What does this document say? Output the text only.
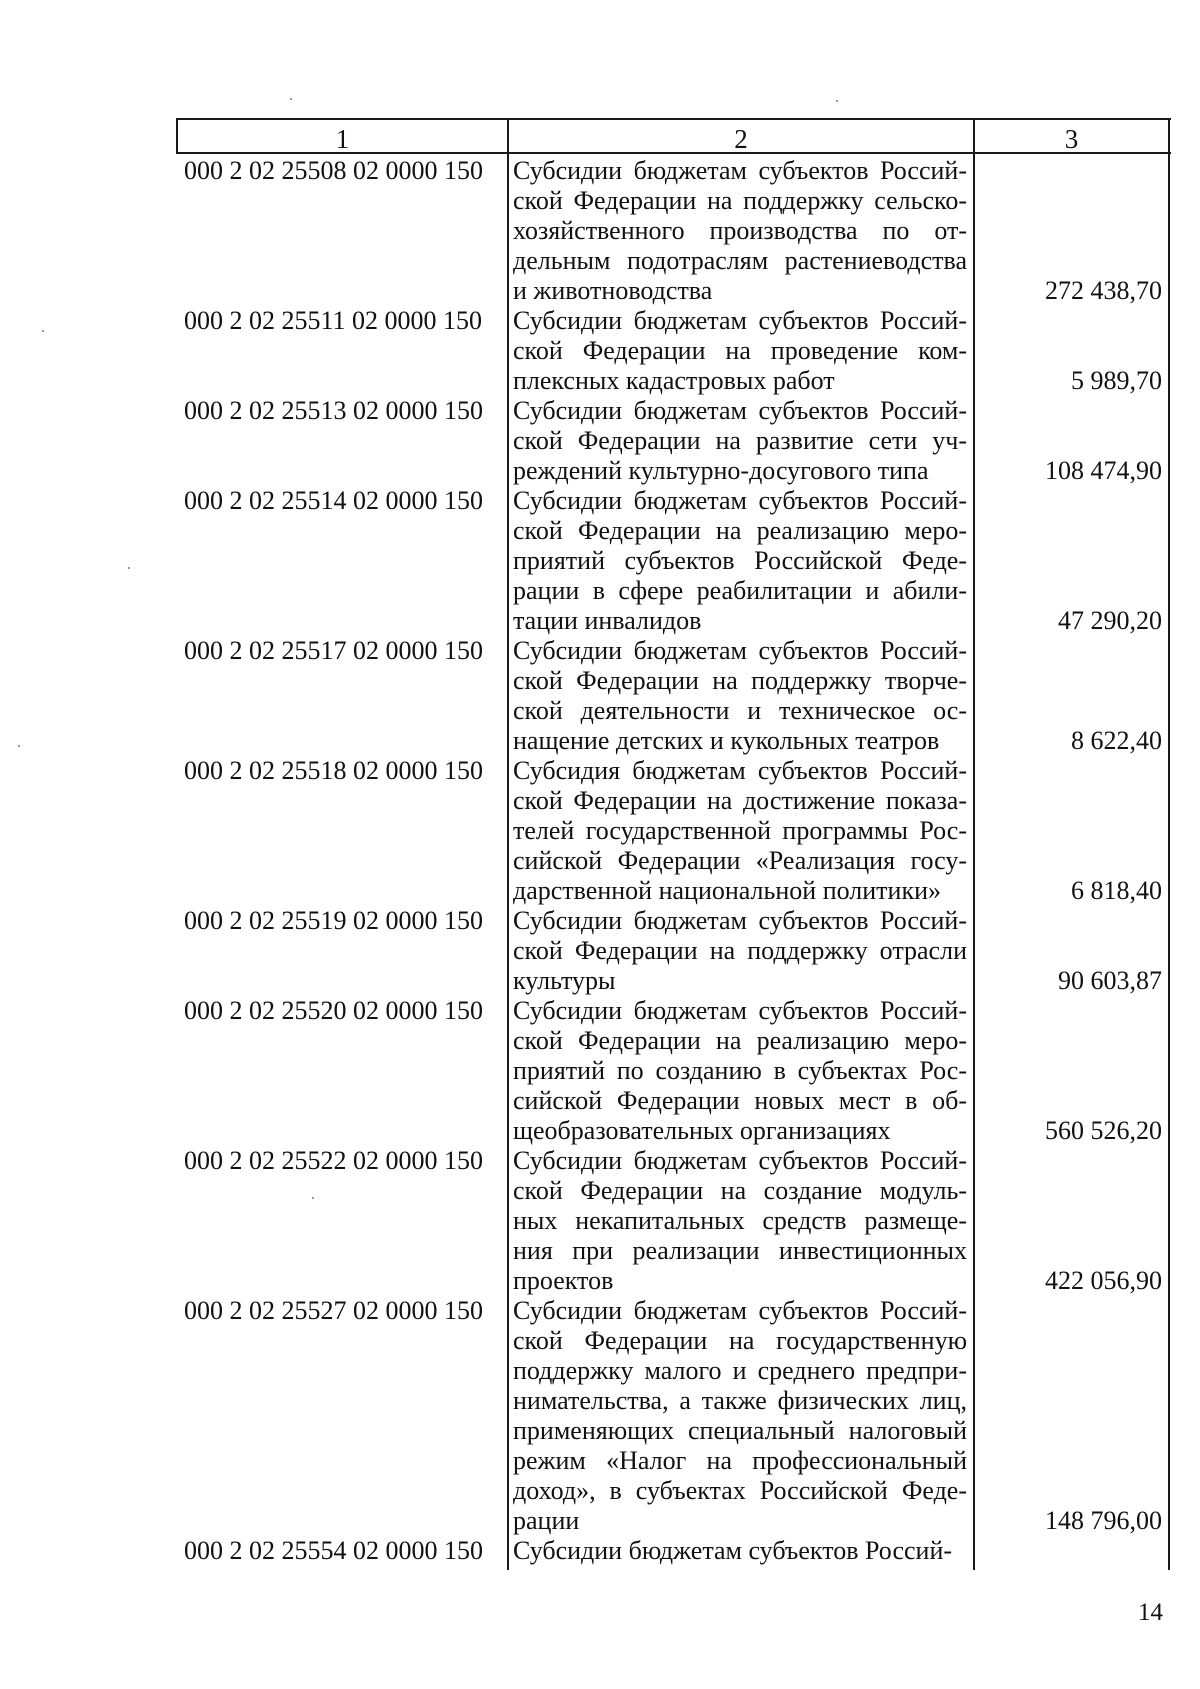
1	2	3
000 2 02 25508 02 0000 150	Субсидии бюджетам субъектов Россий-
ской Федерации на поддержку сельско-
хозяйственного производства по от-
дельным подотраслям растениеводства
и животноводства	272 438,70
000 2 02 25511 02 0000 150	Субсидии бюджетам субъектов Россий-
ской Федерации на проведение ком-
плексных кадастровых работ	5 989,70
000 2 02 25513 02 0000 150	Субсидии бюджетам субъектов Россий-
ской Федерации на развитие сети уч-
реждений культурно-досугового типа	108 474,90
000 2 02 25514 02 0000 150	Субсидии бюджетам субъектов Россий-
ской Федерации на реализацию меро-
приятий субъектов Российской Феде-
рации в сфере реабилитации и абили-
тации инвалидов	47 290,20
000 2 02 25517 02 0000 150	Субсидии бюджетам субъектов Россий-
ской Федерации на поддержку творче-
ской деятельности и техническое ос-
нащение детских и кукольных театров	8 622,40
000 2 02 25518 02 0000 150	Субсидия бюджетам субъектов Россий-
ской Федерации на достижение показа-
телей государственной программы Рос-
сийской Федерации «Реализация госу-
дарственной национальной политики»	6 818,40
000 2 02 25519 02 0000 150	Субсидии бюджетам субъектов Россий-
ской Федерации на поддержку отрасли
культуры	90 603,87
000 2 02 25520 02 0000 150	Субсидии бюджетам субъектов Россий-
ской Федерации на реализацию меро-
приятий по созданию в субъектах Рос-
сийской Федерации новых мест в об-
щеобразовательных организациях	560 526,20
000 2 02 25522 02 0000 150	Субсидии бюджетам субъектов Россий-
ской Федерации на создание модуль-
ных некапитальных средств размеще-
ния при реализации инвестиционных
проектов	422 056,90
000 2 02 25527 02 0000 150	Субсидии бюджетам субъектов Россий-
ской Федерации на государственную
поддержку малого и среднего предпри-
нимательства, а также физических лиц,
применяющих специальный налоговый
режим «Налог на профессиональный
доход», в субъектах Российской Феде-
рации	148 796,00
000 2 02 25554 02 0000 150	Субсидии бюджетам субъектов Россий-
14
